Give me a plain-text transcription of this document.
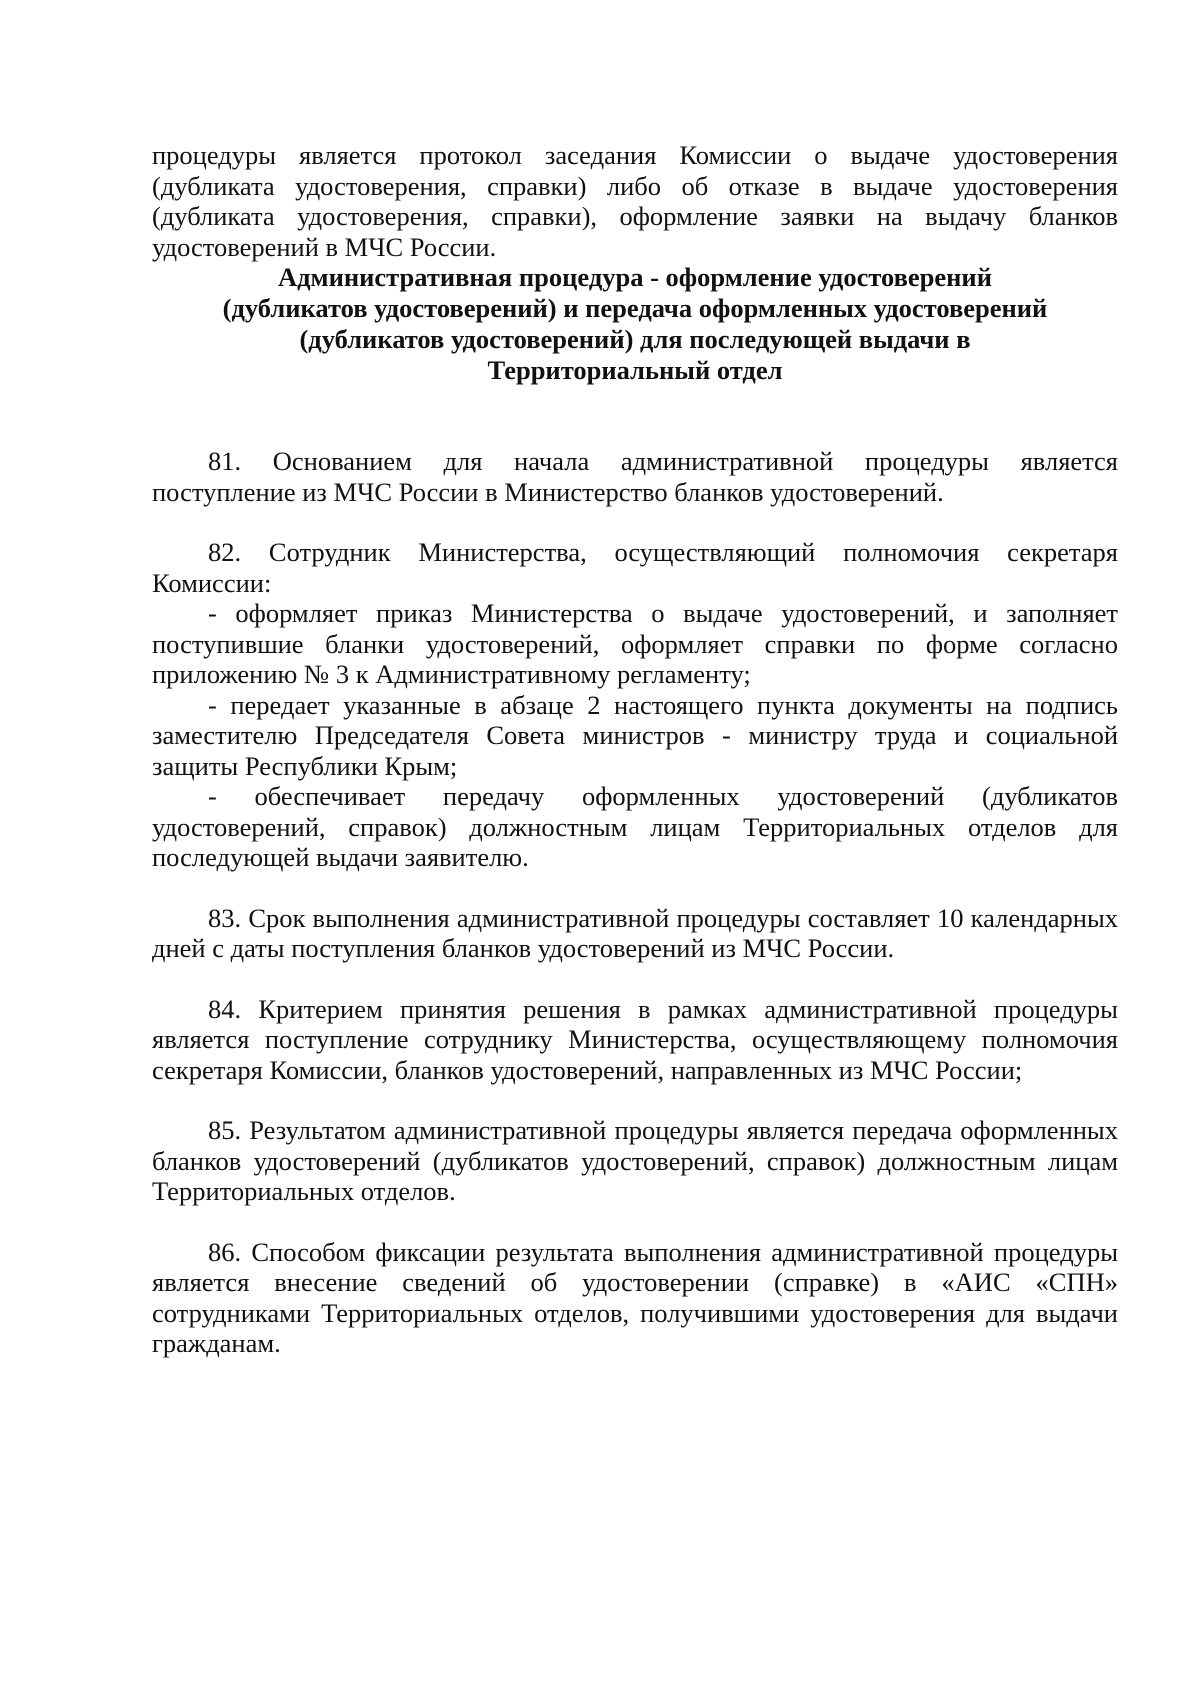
процедуры является протокол заседания Комиссии о выдаче удостоверения (дубликата удостоверения, справки) либо об отказе в выдаче удостоверения (дубликата удостоверения, справки), оформление заявки на выдачу бланков удостоверений в МЧС России.

Административная процедура - оформление удостоверений

(дубликатов удостоверений) и передача оформленных удостоверений

(дубликатов удостоверений) для последующей выдачи в

Территориальный отдел

81. Основанием для начала административной процедуры является поступление из МЧС России в Министерство бланков удостоверений.

82. Сотрудник Министерства, осуществляющий полномочия секретаря Комиссии:

- оформляет приказ Министерства о выдаче удостоверений, и заполняет поступившие бланки удостоверений, оформляет справки по форме согласно приложению № 3 к Административному регламенту;

- передает указанные в абзаце 2 настоящего пункта документы на подпись заместителю Председателя Совета министров - министру труда и социальной защиты Республики Крым;

- обеспечивает передачу оформленных удостоверений (дубликатов удостоверений, справок) должностным лицам Территориальных отделов для последующей выдачи заявителю.

83. Срок выполнения административной процедуры составляет 10 календарных дней с даты поступления бланков удостоверений из МЧС России.

84. Критерием принятия решения в рамках административной процедуры является поступление сотруднику Министерства, осуществляющему полномочия секретаря Комиссии, бланков удостоверений, направленных из МЧС России;

85. Результатом административной процедуры является передача оформленных бланков удостоверений (дубликатов удостоверений, справок) должностным лицам Территориальных отделов.

86. Способом фиксации результата выполнения административной процедуры является внесение сведений об удостоверении (справке) в «АИС «СПН» сотрудниками Территориальных отделов, получившими удостоверения для выдачи гражданам.
